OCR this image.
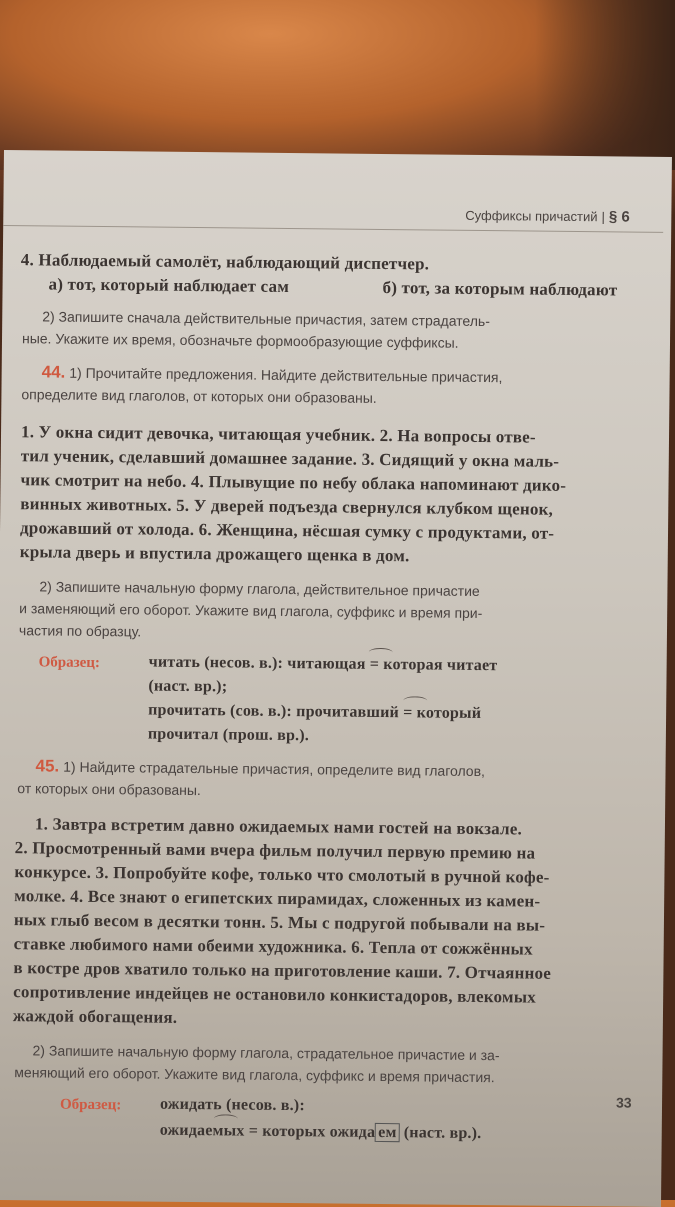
Суффиксы причастий | § 6
4. Наблюдаемый самолёт, наблюдающий диспетчер.
а) тот, который наблюдает сам	б) тот, за которым наблюдают
2) Запишите сначала действительные причастия, затем страдатель-
ные. Укажите их время, обозначьте формообразующие суффиксы.
44. 1) Прочитайте предложения. Найдите действительные причастия,
определите вид глаголов, от которых они образованы.
1. У окна сидит девочка, читающая учебник. 2. На вопросы отве-
тил ученик, сделавший домашнее задание. 3. Сидящий у окна маль-
чик смотрит на небо. 4. Плывущие по небу облака напоминают дико-
винных животных. 5. У дверей подъезда свернулся клубком щенок,
дрожавший от холода. 6. Женщина, нёсшая сумку с продуктами, от-
крыла дверь и впустила дрожащего щенка в дом.
2) Запишите начальную форму глагола, действительное причастие
и заменяющий его оборот. Укажите вид глагола, суффикс и время при-
частия по образцу.
Образец:	читать (несов. в.): читающая = которая читает
(наст. вр.);
прочитать (сов. в.): прочитавший = который
прочитал (прош. вр.).
45. 1) Найдите страдательные причастия, определите вид глаголов,
от которых они образованы.
1. Завтра встретим давно ожидаемых нами гостей на вокзале.
2. Просмотренный вами вчера фильм получил первую премию на
конкурсе. 3. Попробуйте кофе, только что смолотый в ручной кофе-
молке. 4. Все знают о египетских пирамидах, сложенных из камен-
ных глыб весом в десятки тонн. 5. Мы с подругой побывали на вы-
ставке любимого нами обеими художника. 6. Тепла от сожжённых
в костре дров хватило только на приготовление каши. 7. Отчаянное
сопротивление индейцев не остановило конкистадоров, влекомых
жаждой обогащения.
2) Запишите начальную форму глагола, страдательное причастие и за-
меняющий его оборот. Укажите вид глагола, суффикс и время причастия.
Образец: ожидать (несов. в.):
ожидаемых = которых ожида ем (наст. вр.).
33
